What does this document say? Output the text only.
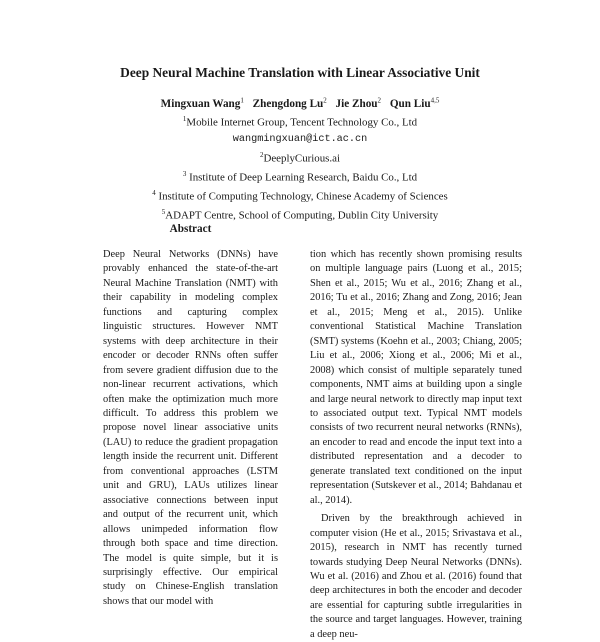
Deep Neural Machine Translation with Linear Associative Unit
Mingxuan Wang$^1$ Zhengdong Lu$^2$ Jie Zhou$^2$ Qun Liu$^{4,5}$
$^1$Mobile Internet Group, Tencent Technology Co., Ltd
wangmingxuan@ict.ac.cn
$^2$DeeplyCurious.ai
$^3$ Institute of Deep Learning Research, Baidu Co., Ltd
$^4$ Institute of Computing Technology, Chinese Academy of Sciences
$^5$ADAPT Centre, School of Computing, Dublin City University
Abstract

Deep Neural Networks (DNNs) have provably enhanced the state-of-the-art Neural Machine Translation (NMT) with their capability in modeling complex functions and capturing complex linguistic structures. However NMT systems with deep architecture in their encoder or decoder RNNs often suffer from severe gradient diffusion due to the non-linear recurrent activations, which often make the optimization much more difficult. To address this problem we propose novel linear associative units (LAU) to reduce the gradient propagation length inside the recurrent unit. Different from conventional approaches (LSTM unit and GRU), LAUs utilizes linear associative connections between input and output of the recurrent unit, which allows unimpeded information flow through both space and time direction. The model is quite simple, but it is surprisingly effective. Our empirical study on Chinese-English translation shows that our model with

tion which has recently shown promising results on multiple language pairs (Luong et al., 2015; Shen et al., 2015; Wu et al., 2016; Zhang et al., 2016; Tu et al., 2016; Zhang and Zong, 2016; Jean et al., 2015; Meng et al., 2015). Unlike conventional Statistical Machine Translation (SMT) systems (Koehn et al., 2003; Chiang, 2005; Liu et al., 2006; Xiong et al., 2006; Mi et al., 2008) which consist of multiple separately tuned components, NMT aims at building upon a single and large neural network to directly map input text to associated output text. Typical NMT models consists of two recurrent neural networks (RNNs), an encoder to read and encode the input text into a distributed representation and a decoder to generate translated text conditioned on the input representation (Sutskever et al., 2014; Bahdanau et al., 2014).

Driven by the breakthrough achieved in computer vision (He et al., 2015; Srivastava et al., 2015), research in NMT has recently turned towards studying Deep Neural Networks (DNNs). Wu et al. (2016) and Zhou et al. (2016) found that deep architectures in both the encoder and decoder are essential for capturing subtle irregularities in the source and target languages. However, training a deep neu-
